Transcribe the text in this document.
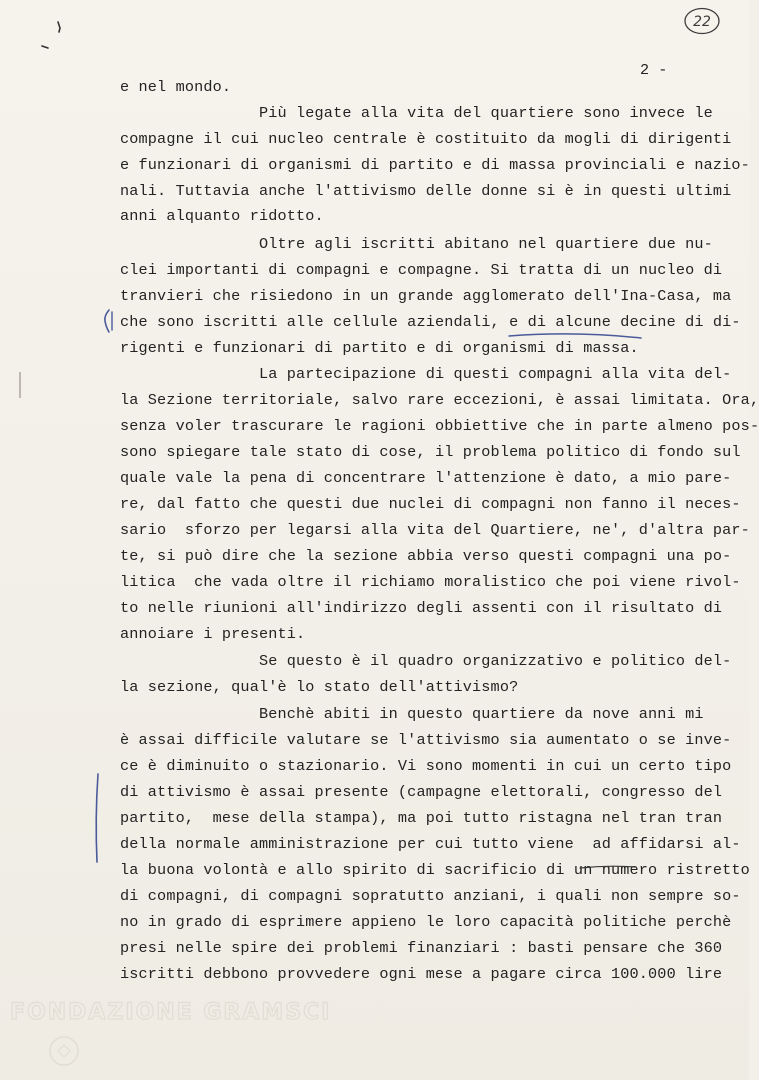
22
2 -

e nel mondo.

Più legate alla vita del quartiere sono invece le

compagne il cui nucleo centrale è costituito da mogli di dirigenti

e funzionari di organismi di partito e di massa provinciali e nazio-

nali. Tuttavia anche l'attivismo delle donne si è in questi ultimi

anni alquanto ridotto.

Oltre agli iscritti abitano nel quartiere due nu-

clei importanti di compagni e compagne. Si tratta di un nucleo di

tranvieri che risiedono in un grande agglomerato dell'Ina-Casa, ma

che sono iscritti alle cellule aziendali, e di alcune decine di di-

rigenti e funzionari di partito e di organismi di massa.

La partecipazione di questi compagni alla vita del-

la Sezione territoriale, salvo rare eccezioni, è assai limitata. Ora,

senza voler trascurare le ragioni obbiettive che in parte almeno pos-

sono spiegare tale stato di cose, il problema politico di fondo sul

quale vale la pena di concentrare l'attenzione è dato, a mio pare-

re, dal fatto che questi due nuclei di compagni non fanno il neces-

sario  sforzo per legarsi alla vita del Quartiere, ne', d'altra par-

te, si può dire che la sezione abbia verso questi compagni una po-

litica  che vada oltre il richiamo moralistico che poi viene rivol-

to nelle riunioni all'indirizzo degli assenti con il risultato di

annoiare i presenti.

Se questo è il quadro organizzativo e politico del-

la sezione, qual'è lo stato dell'attivismo?

Benchè abiti in questo quartiere da nove anni mi

è assai difficile valutare se l'attivismo sia aumentato o se inve-

ce è diminuito o stazionario. Vi sono momenti in cui un certo tipo

di attivismo è assai presente (campagne elettorali, congresso del

partito,  mese della stampa), ma poi tutto ristagna nel tran tran

della normale amministrazione per cui tutto viene  ad affidarsi al-

la buona volontà e allo spirito di sacrificio di un numero ristretto

di compagni, di compagni sopratutto anziani, i quali non sempre so-

no in grado di esprimere appieno le loro capacità politiche perchè

presi nelle spire dei problemi finanziari : basti pensare che 360

iscritti debbono provvedere ogni mese a pagare circa 100.000 lire

FONDAZIONE GRAMSCI
